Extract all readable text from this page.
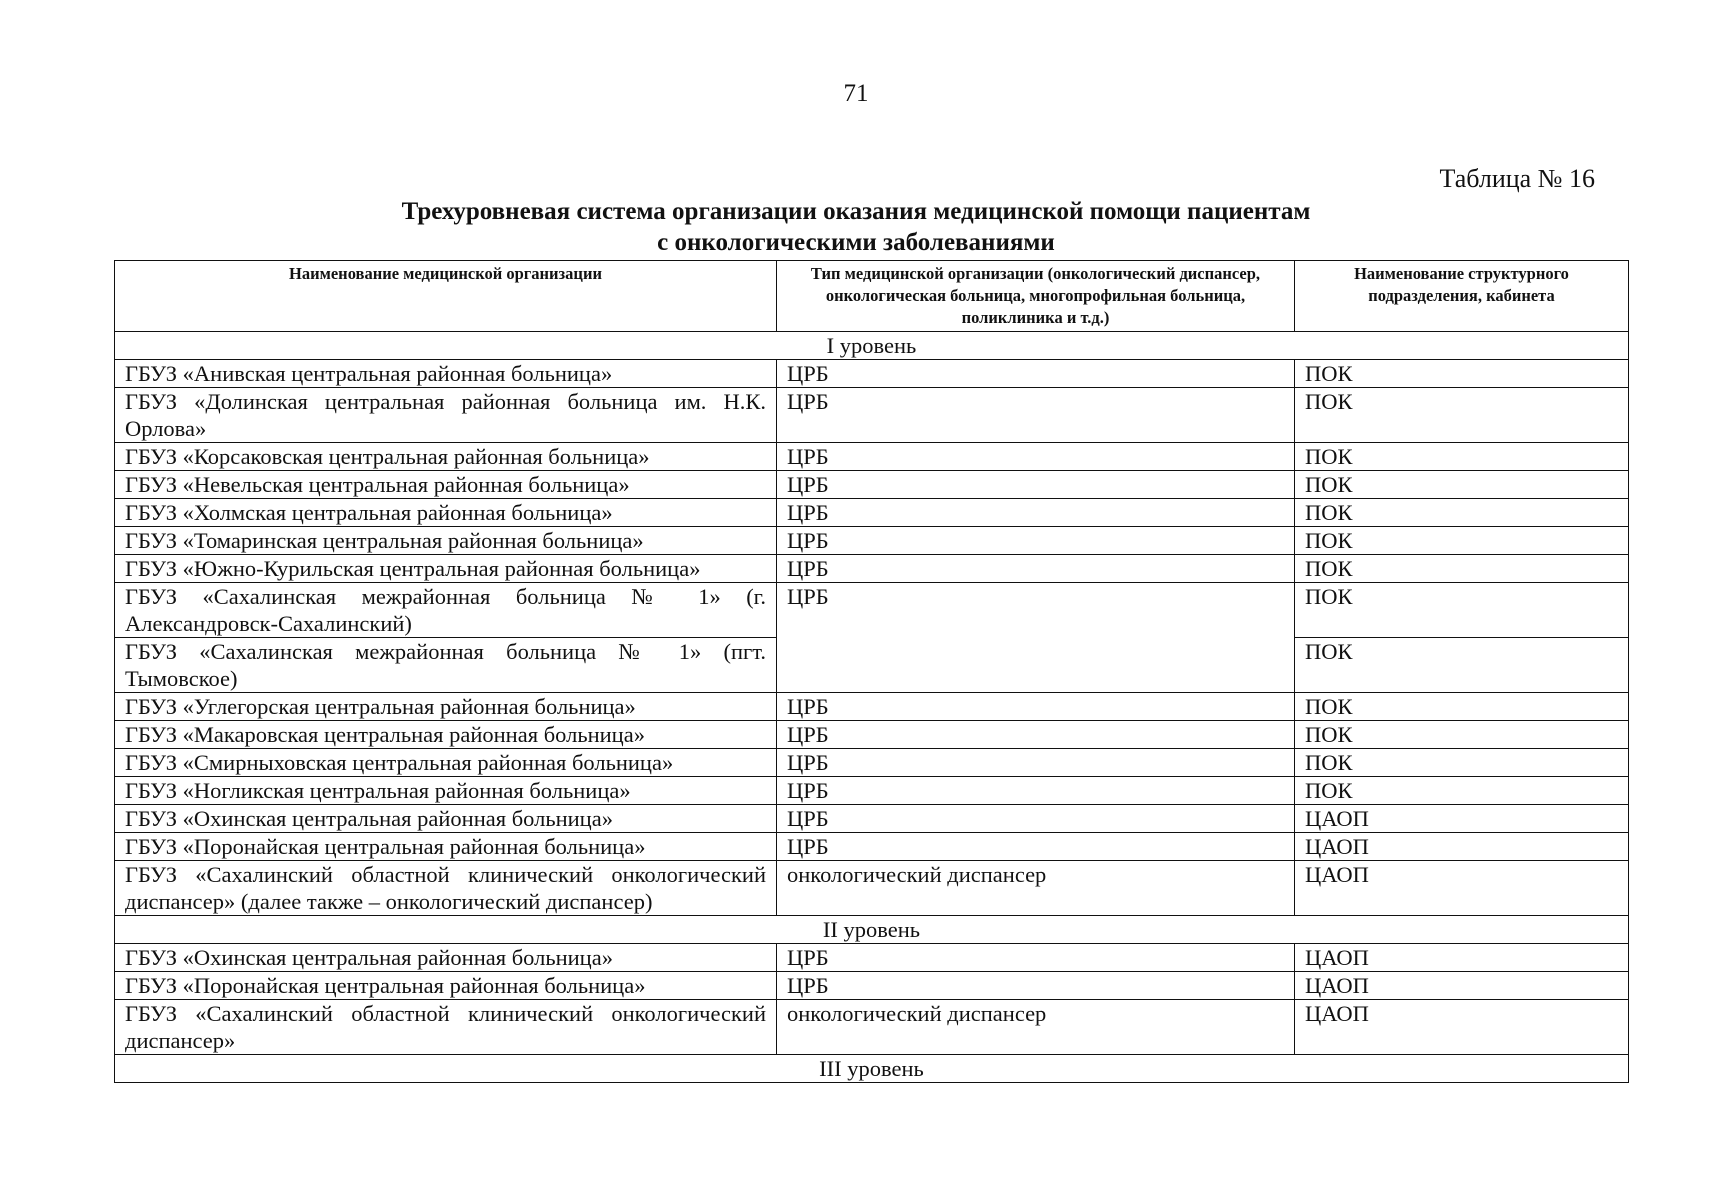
71
Таблица № 16
Трехуровневая система организации оказания медицинской помощи пациентам
с онкологическими заболеваниями
Наименование медицинской организации	Тип медицинской организации (онкологический диспансер, онкологическая больница, многопрофильная больница, поликлиника и т.д.)	Наименование структурного подразделения, кабинета
I уровень		
ГБУЗ «Анивская центральная районная больница»	ЦРБ	ПОК
ГБУЗ «Долинская центральная районная больница им. Н.К. Орлова»	ЦРБ	ПОК
ГБУЗ «Корсаковская центральная районная больница»	ЦРБ	ПОК
ГБУЗ «Невельская центральная районная больница»	ЦРБ	ПОК
ГБУЗ «Холмская центральная районная больница»	ЦРБ	ПОК
ГБУЗ «Томаринская центральная районная больница»	ЦРБ	ПОК
ГБУЗ «Южно-Курильская центральная районная больница»	ЦРБ	ПОК
ГБУЗ «Сахалинская межрайонная больница № 1» (г. Александровск-Сахалинский)	ЦРБ	ПОК
ГБУЗ «Сахалинская межрайонная больница № 1» (пгт. Тымовское)		ПОК
ГБУЗ «Углегорская центральная районная больница»	ЦРБ	ПОК
ГБУЗ «Макаровская центральная районная больница»	ЦРБ	ПОК
ГБУЗ «Смирныховская центральная районная больница»	ЦРБ	ПОК
ГБУЗ «Ногликская центральная районная больница»	ЦРБ	ПОК
ГБУЗ «Охинская центральная районная больница»	ЦРБ	ЦАОП
ГБУЗ «Поронайская центральная районная больница»	ЦРБ	ЦАОП
ГБУЗ «Сахалинский областной клинический онкологический диспансер» (далее также – онкологический диспансер)	онкологический диспансер	ЦАОП
II уровень		
ГБУЗ «Охинская центральная районная больница»	ЦРБ	ЦАОП
ГБУЗ «Поронайская центральная районная больница»	ЦРБ	ЦАОП
ГБУЗ «Сахалинский областной клинический онкологический диспансер»	онкологический диспансер	ЦАОП
III уровень		
